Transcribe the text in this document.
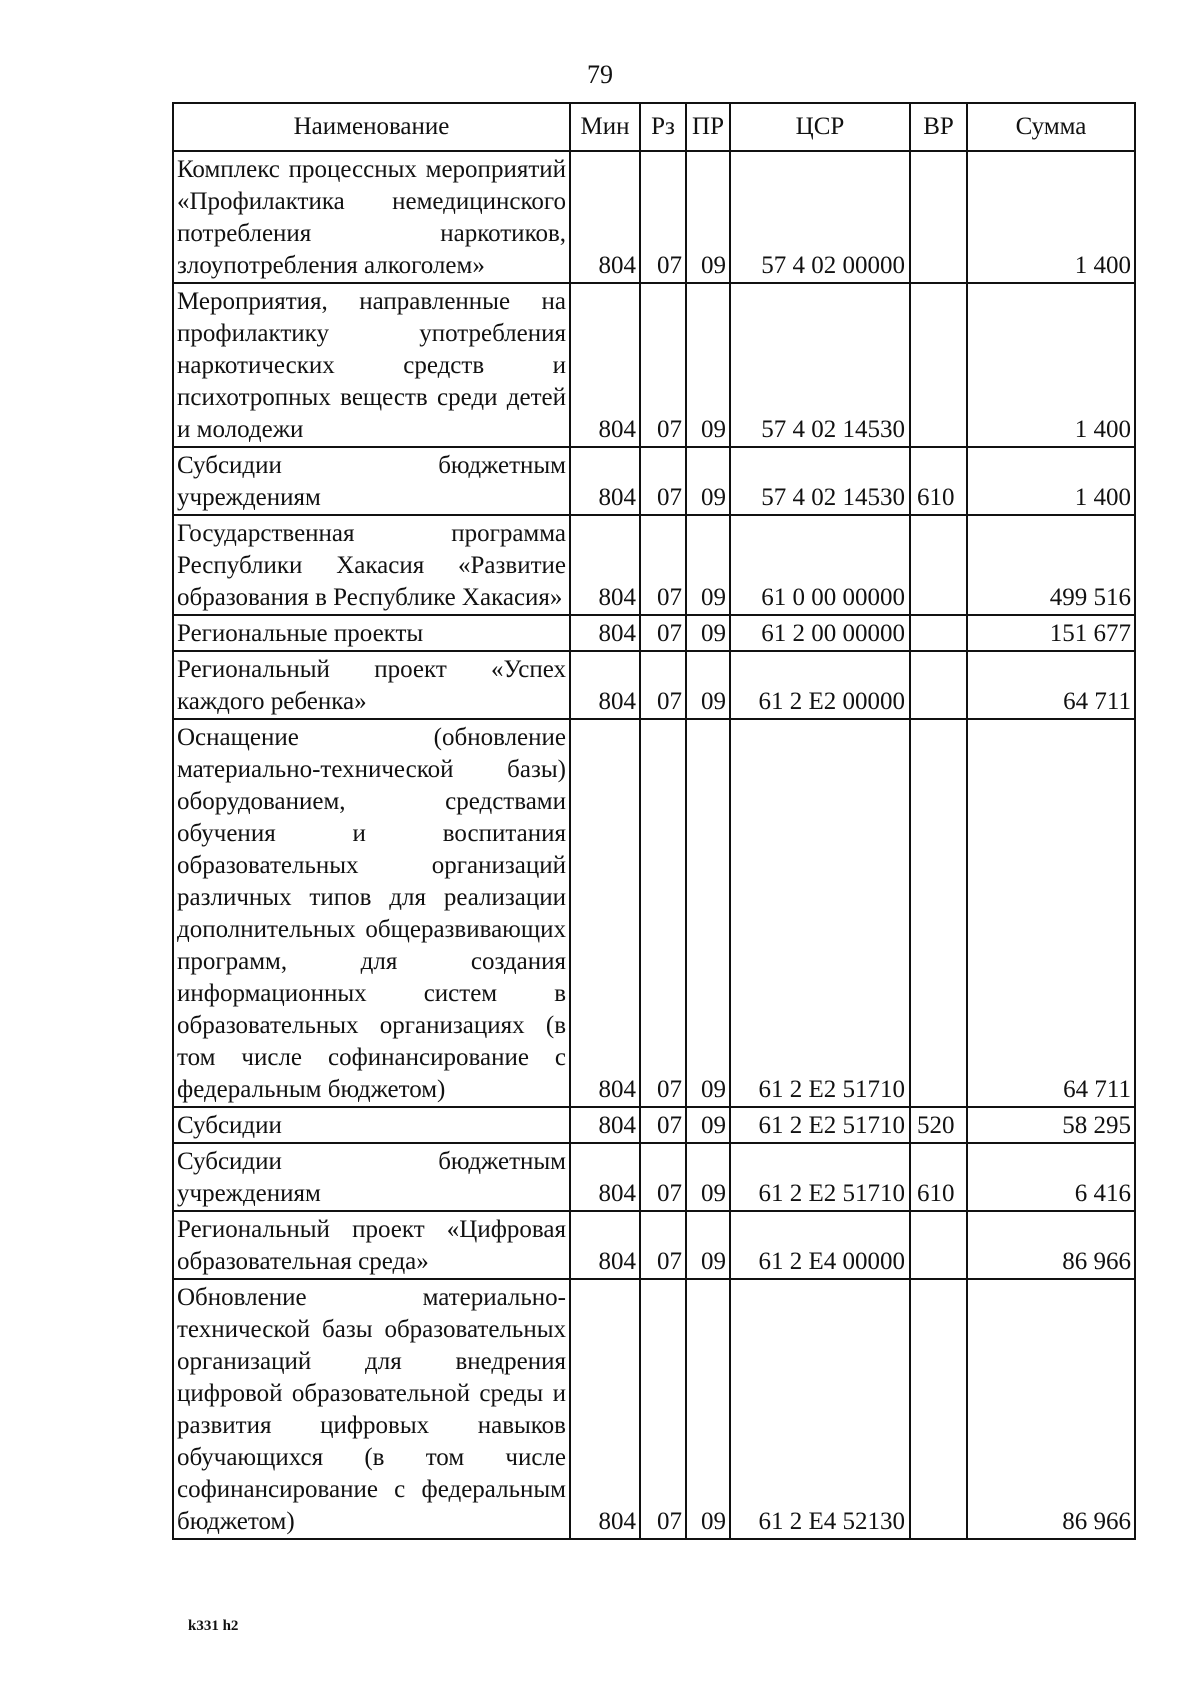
79
Наименование	Мин	Рз	ПР	ЦСР	ВР	Сумма
Комплекс процессных мероприятий «Профилактика немедицинского потребления наркотиков, злоупотребления алкоголем»	804	07	09	57 4 02 00000		1 400
Мероприятия, направленные на профилактику употребления наркотических средств и психотропных веществ среди детей и молодежи	804	07	09	57 4 02 14530		1 400
Субсидии бюджетным учреждениям	804	07	09	57 4 02 14530	610	1 400
Государственная программа Республики Хакасия «Развитие образования в Республике Хакасия»	804	07	09	61 0 00 00000		499 516
Региональные проекты	804	07	09	61 2 00 00000		151 677
Региональный проект «Успех каждого ребенка»	804	07	09	61 2 E2 00000		64 711
Оснащение (обновление материально-технической базы) оборудованием, средствами обучения и воспитания образовательных организаций различных типов для реализации дополнительных общеразвивающих программ, для создания информационных систем в образовательных организациях (в том числе софинансирование с федеральным бюджетом)	804	07	09	61 2 E2 51710		64 711
Субсидии	804	07	09	61 2 E2 51710	520	58 295
Субсидии бюджетным учреждениям	804	07	09	61 2 E2 51710	610	6 416
Региональный проект «Цифровая образовательная среда»	804	07	09	61 2 E4 00000		86 966
Обновление материально-технической базы образовательных организаций для внедрения цифровой образовательной среды и развития цифровых навыков обучающихся (в том числе софинансирование с федеральным бюджетом)	804	07	09	61 2 E4 52130		86 966
k331 h2
